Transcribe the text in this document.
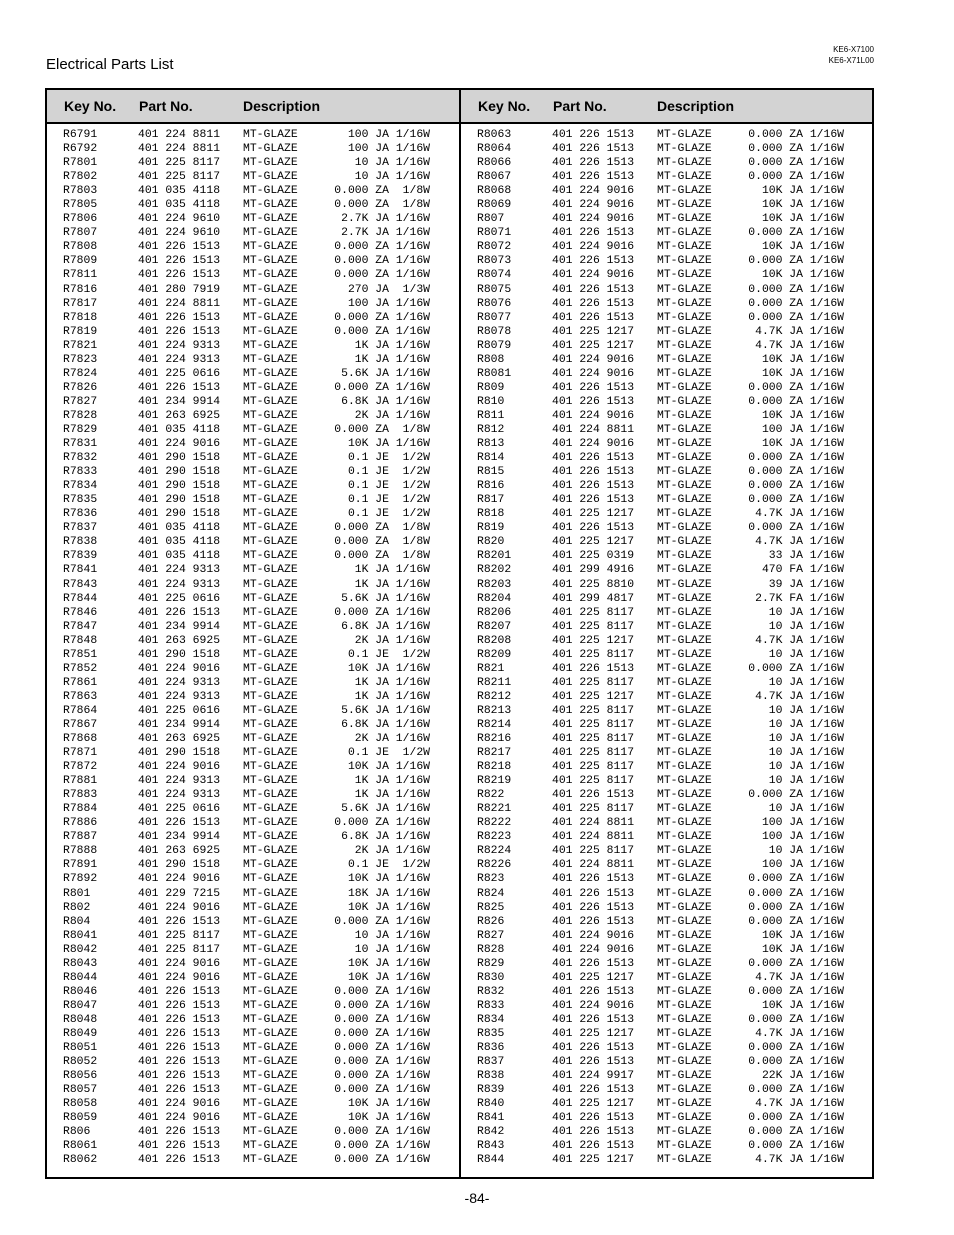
KE6-X7100
KE6-X71L00
Electrical Parts List
Key No. Part No.	Description	Key No. Part No.	Description
R6791	401 224 8811 MT-GLAZE	100 JA 1/16W
R6792	401 224 8811 MT-GLAZE	100 JA 1/16W
R7801	401 225 8117 MT-GLAZE	10 JA 1/16W
R7802	401 225 8117 MT-GLAZE	10 JA 1/16W
R7803	401 035 4118 MT-GLAZE	0.000 ZA  1/8W
R7805	401 035 4118 MT-GLAZE	0.000 ZA  1/8W
R7806	401 224 9610 MT-GLAZE	2.7K JA 1/16W
R7807	401 224 9610 MT-GLAZE	2.7K JA 1/16W
R7808	401 226 1513 MT-GLAZE	0.000 ZA 1/16W
R7809	401 226 1513 MT-GLAZE	0.000 ZA 1/16W
R7811	401 226 1513 MT-GLAZE	0.000 ZA 1/16W
R7816	401 280 7919 MT-GLAZE	270 JA  1/3W
R7817	401 224 8811 MT-GLAZE	100 JA 1/16W
R7818	401 226 1513 MT-GLAZE	0.000 ZA 1/16W
R7819	401 226 1513 MT-GLAZE	0.000 ZA 1/16W
R7821	401 224 9313 MT-GLAZE	1K JA 1/16W
R7823	401 224 9313 MT-GLAZE	1K JA 1/16W
R7824	401 225 0616 MT-GLAZE	5.6K JA 1/16W
R7826	401 226 1513 MT-GLAZE	0.000 ZA 1/16W
R7827	401 234 9914 MT-GLAZE	6.8K JA 1/16W
R7828	401 263 6925 MT-GLAZE	2K JA 1/16W
R7829	401 035 4118 MT-GLAZE	0.000 ZA  1/8W
R7831	401 224 9016 MT-GLAZE	10K JA 1/16W
R7832	401 290 1518 MT-GLAZE	0.1 JE  1/2W
R7833	401 290 1518 MT-GLAZE	0.1 JE  1/2W
R7834	401 290 1518 MT-GLAZE	0.1 JE  1/2W
R7835	401 290 1518 MT-GLAZE	0.1 JE  1/2W
R7836	401 290 1518 MT-GLAZE	0.1 JE  1/2W
R7837	401 035 4118 MT-GLAZE	0.000 ZA  1/8W
R7838	401 035 4118 MT-GLAZE	0.000 ZA  1/8W
R7839	401 035 4118 MT-GLAZE	0.000 ZA  1/8W
R7841	401 224 9313 MT-GLAZE	1K JA 1/16W
R7843	401 224 9313 MT-GLAZE	1K JA 1/16W
R7844	401 225 0616 MT-GLAZE	5.6K JA 1/16W
R7846	401 226 1513 MT-GLAZE	0.000 ZA 1/16W
R7847	401 234 9914 MT-GLAZE	6.8K JA 1/16W
R7848	401 263 6925 MT-GLAZE	2K JA 1/16W
R7851	401 290 1518 MT-GLAZE	0.1 JE  1/2W
R7852	401 224 9016 MT-GLAZE	10K JA 1/16W
R7861	401 224 9313 MT-GLAZE	1K JA 1/16W
R7863	401 224 9313 MT-GLAZE	1K JA 1/16W
R7864	401 225 0616 MT-GLAZE	5.6K JA 1/16W
R7867	401 234 9914 MT-GLAZE	6.8K JA 1/16W
R7868	401 263 6925 MT-GLAZE	2K JA 1/16W
R7871	401 290 1518 MT-GLAZE	0.1 JE  1/2W
R7872	401 224 9016 MT-GLAZE	10K JA 1/16W
R7881	401 224 9313 MT-GLAZE	1K JA 1/16W
R7883	401 224 9313 MT-GLAZE	1K JA 1/16W
R7884	401 225 0616 MT-GLAZE	5.6K JA 1/16W
R7886	401 226 1513 MT-GLAZE	0.000 ZA 1/16W
R7887	401 234 9914 MT-GLAZE	6.8K JA 1/16W
R7888	401 263 6925 MT-GLAZE	2K JA 1/16W
R7891	401 290 1518 MT-GLAZE	0.1 JE  1/2W
R7892	401 224 9016 MT-GLAZE	10K JA 1/16W
R801	401 229 7215 MT-GLAZE	18K JA 1/16W
R802	401 224 9016 MT-GLAZE	10K JA 1/16W
R804	401 226 1513 MT-GLAZE	0.000 ZA 1/16W
R8041	401 225 8117 MT-GLAZE	10 JA 1/16W
R8042	401 225 8117 MT-GLAZE	10 JA 1/16W
R8043	401 224 9016 MT-GLAZE	10K JA 1/16W
R8044	401 224 9016 MT-GLAZE	10K JA 1/16W
R8046	401 226 1513 MT-GLAZE	0.000 ZA 1/16W
R8047	401 226 1513 MT-GLAZE	0.000 ZA 1/16W
R8048	401 226 1513 MT-GLAZE	0.000 ZA 1/16W
R8049	401 226 1513 MT-GLAZE	0.000 ZA 1/16W
R8051	401 226 1513 MT-GLAZE	0.000 ZA 1/16W
R8052	401 226 1513 MT-GLAZE	0.000 ZA 1/16W
R8056	401 226 1513 MT-GLAZE	0.000 ZA 1/16W
R8057	401 226 1513 MT-GLAZE	0.000 ZA 1/16W
R8058	401 224 9016 MT-GLAZE	10K JA 1/16W
R8059	401 224 9016 MT-GLAZE	10K JA 1/16W
R806	401 226 1513 MT-GLAZE	0.000 ZA 1/16W
R8061	401 226 1513 MT-GLAZE	0.000 ZA 1/16W
R8062	401 226 1513 MT-GLAZE	0.000 ZA 1/16W
R8063	401 226 1513 MT-GLAZE	0.000 ZA 1/16W
R8064	401 226 1513 MT-GLAZE	0.000 ZA 1/16W
R8066	401 226 1513 MT-GLAZE	0.000 ZA 1/16W
R8067	401 226 1513 MT-GLAZE	0.000 ZA 1/16W
R8068	401 224 9016 MT-GLAZE	10K JA 1/16W
R8069	401 224 9016 MT-GLAZE	10K JA 1/16W
R807	401 224 9016 MT-GLAZE	10K JA 1/16W
R8071	401 226 1513 MT-GLAZE	0.000 ZA 1/16W
R8072	401 224 9016 MT-GLAZE	10K JA 1/16W
R8073	401 226 1513 MT-GLAZE	0.000 ZA 1/16W
R8074	401 224 9016 MT-GLAZE	10K JA 1/16W
R8075	401 226 1513 MT-GLAZE	0.000 ZA 1/16W
R8076	401 226 1513 MT-GLAZE	0.000 ZA 1/16W
R8077	401 226 1513 MT-GLAZE	0.000 ZA 1/16W
R8078	401 225 1217 MT-GLAZE	4.7K JA 1/16W
R8079	401 225 1217 MT-GLAZE	4.7K JA 1/16W
R808	401 224 9016 MT-GLAZE	10K JA 1/16W
R8081	401 224 9016 MT-GLAZE	10K JA 1/16W
R809	401 226 1513 MT-GLAZE	0.000 ZA 1/16W
R810	401 226 1513 MT-GLAZE	0.000 ZA 1/16W
R811	401 224 9016 MT-GLAZE	10K JA 1/16W
R812	401 224 8811 MT-GLAZE	100 JA 1/16W
R813	401 224 9016 MT-GLAZE	10K JA 1/16W
R814	401 226 1513 MT-GLAZE	0.000 ZA 1/16W
R815	401 226 1513 MT-GLAZE	0.000 ZA 1/16W
R816	401 226 1513 MT-GLAZE	0.000 ZA 1/16W
R817	401 226 1513 MT-GLAZE	0.000 ZA 1/16W
R818	401 225 1217 MT-GLAZE	4.7K JA 1/16W
R819	401 226 1513 MT-GLAZE	0.000 ZA 1/16W
R820	401 225 1217 MT-GLAZE	4.7K JA 1/16W
R8201	401 225 0319 MT-GLAZE	33 JA 1/16W
R8202	401 299 4916 MT-GLAZE	470 FA 1/16W
R8203	401 225 8810 MT-GLAZE	39 JA 1/16W
R8204	401 299 4817 MT-GLAZE	2.7K FA 1/16W
R8206	401 225 8117 MT-GLAZE	10 JA 1/16W
R8207	401 225 8117 MT-GLAZE	10 JA 1/16W
R8208	401 225 1217 MT-GLAZE	4.7K JA 1/16W
R8209	401 225 8117 MT-GLAZE	10 JA 1/16W
R821	401 226 1513 MT-GLAZE	0.000 ZA 1/16W
R8211	401 225 8117 MT-GLAZE	10 JA 1/16W
R8212	401 225 1217 MT-GLAZE	4.7K JA 1/16W
R8213	401 225 8117 MT-GLAZE	10 JA 1/16W
R8214	401 225 8117 MT-GLAZE	10 JA 1/16W
R8216	401 225 8117 MT-GLAZE	10 JA 1/16W
R8217	401 225 8117 MT-GLAZE	10 JA 1/16W
R8218	401 225 8117 MT-GLAZE	10 JA 1/16W
R8219	401 225 8117 MT-GLAZE	10 JA 1/16W
R822	401 226 1513 MT-GLAZE	0.000 ZA 1/16W
R8221	401 225 8117 MT-GLAZE	10 JA 1/16W
R8222	401 224 8811 MT-GLAZE	100 JA 1/16W
R8223	401 224 8811 MT-GLAZE	100 JA 1/16W
R8224	401 225 8117 MT-GLAZE	10 JA 1/16W
R8226	401 224 8811 MT-GLAZE	100 JA 1/16W
R823	401 226 1513 MT-GLAZE	0.000 ZA 1/16W
R824	401 226 1513 MT-GLAZE	0.000 ZA 1/16W
R825	401 226 1513 MT-GLAZE	0.000 ZA 1/16W
R826	401 226 1513 MT-GLAZE	0.000 ZA 1/16W
R827	401 224 9016 MT-GLAZE	10K JA 1/16W
R828	401 224 9016 MT-GLAZE	10K JA 1/16W
R829	401 226 1513 MT-GLAZE	0.000 ZA 1/16W
R830	401 225 1217 MT-GLAZE	4.7K JA 1/16W
R832	401 226 1513 MT-GLAZE	0.000 ZA 1/16W
R833	401 224 9016 MT-GLAZE	10K JA 1/16W
R834	401 226 1513 MT-GLAZE	0.000 ZA 1/16W
R835	401 225 1217 MT-GLAZE	4.7K JA 1/16W
R836	401 226 1513 MT-GLAZE	0.000 ZA 1/16W
R837	401 226 1513 MT-GLAZE	0.000 ZA 1/16W
R838	401 224 9917 MT-GLAZE	22K JA 1/16W
R839	401 226 1513 MT-GLAZE	0.000 ZA 1/16W
R840	401 225 1217 MT-GLAZE	4.7K JA 1/16W
R841	401 226 1513 MT-GLAZE	0.000 ZA 1/16W
R842	401 226 1513 MT-GLAZE	0.000 ZA 1/16W
R843	401 226 1513 MT-GLAZE	0.000 ZA 1/16W
R844	401 225 1217 MT-GLAZE	4.7K JA 1/16W
-84-
